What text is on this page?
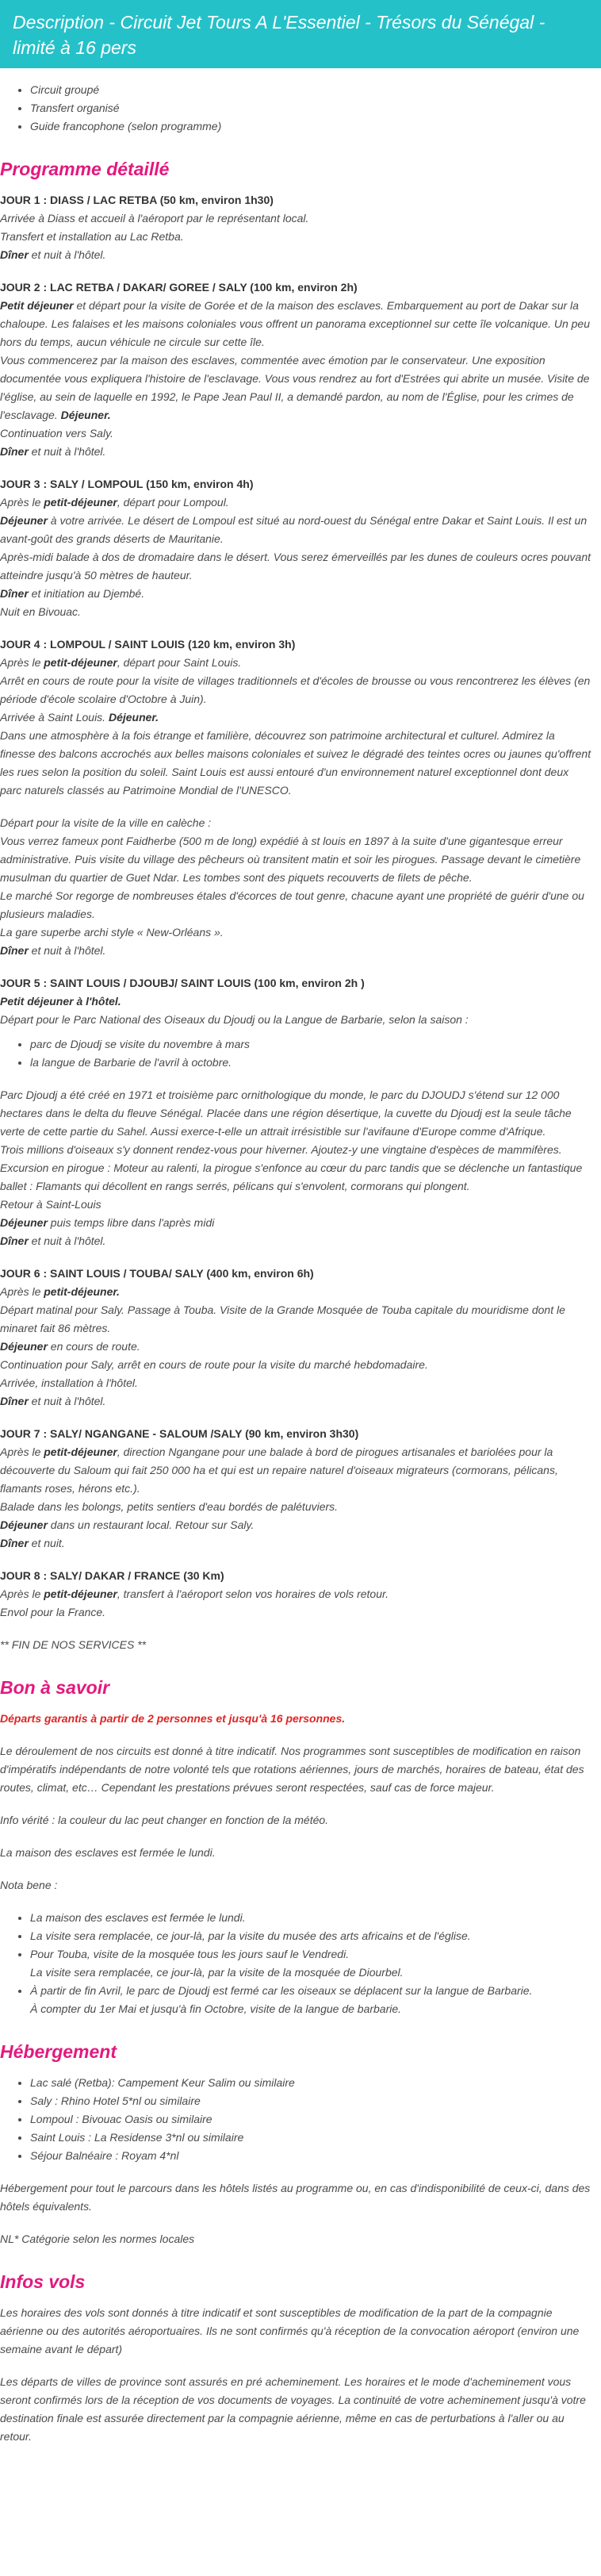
Description - Circuit Jet Tours A L'Essentiel - Trésors du Sénégal - limité à 16 pers
• Circuit groupé
• Transfert organisé
• Guide francophone (selon programme)
Programme détaillé

JOUR 1 : DIASS / LAC RETBA (50 km, environ 1h30)
Arrivée à Diass et accueil à l'aéroport par le représentant local.
Transfert et installation au Lac Retba.
Dîner et nuit à l'hôtel.

JOUR 2 : LAC RETBA / DAKAR/ GOREE / SALY (100 km, environ 2h)
Petit déjeuner et départ pour la visite de Gorée et de la maison des esclaves. Embarquement au port de Dakar sur la chaloupe. Les falaises et les maisons coloniales vous offrent un panorama exceptionnel sur cette île volcanique. Un peu hors du temps, aucun véhicule ne circule sur cette île.
Vous commencerez par la maison des esclaves, commentée avec émotion par le conservateur. Une exposition documentée vous expliquera l'histoire de l'esclavage. Vous vous rendrez au fort d'Estrées qui abrite un musée. Visite de l'église, au sein de laquelle en 1992, le Pape Jean Paul II, a demandé pardon, au nom de l'Église, pour les crimes de l'esclavage. Déjeuner.
Continuation vers Saly.
Dîner et nuit à l'hôtel.

JOUR 3 : SALY / LOMPOUL (150 km, environ 4h)
Après le petit-déjeuner, départ pour Lompoul.
Déjeuner à votre arrivée. Le désert de Lompoul est situé au nord-ouest du Sénégal entre Dakar et Saint Louis. Il est un avant-goût des grands déserts de Mauritanie.
Après-midi balade à dos de dromadaire dans le désert. Vous serez émerveillés par les dunes de couleurs ocres pouvant atteindre jusqu'à 50 mètres de hauteur.
Dîner et initiation au Djembé.
Nuit en Bivouac.

JOUR 4 : LOMPOUL / SAINT LOUIS (120 km, environ 3h)
Après le petit-déjeuner, départ pour Saint Louis.
Arrêt en cours de route pour la visite de villages traditionnels et d'écoles de brousse ou vous rencontrerez les élèves (en période d'école scolaire d'Octobre à Juin).
Arrivée à Saint Louis. Déjeuner.
Dans une atmosphère à la fois étrange et familière, découvrez son patrimoine architectural et culturel. Admirez la finesse des balcons accrochés aux belles maisons coloniales et suivez le dégradé des teintes ocres ou jaunes qu'offrent les rues selon la position du soleil. Saint Louis est aussi entouré d'un environnement naturel exceptionnel dont deux parc naturels classés au Patrimoine Mondial de l'UNESCO.

Départ pour la visite de la ville en calèche :
Vous verrez fameux pont Faidherbe (500 m de long) expédié à st louis en 1897 à la suite d'une gigantesque erreur administrative. Puis visite du village des pêcheurs où transitent matin et soir les pirogues. Passage devant le cimetière musulman du quartier de Guet Ndar. Les tombes sont des piquets recouverts de filets de pêche.
Le marché Sor regorge de nombreuses étales d'écorces de tout genre, chacune ayant une propriété de guérir d'une ou plusieurs maladies.
La gare superbe archi style « New-Orléans ».
Dîner et nuit à l'hôtel.

JOUR 5 : SAINT LOUIS / DJOUBJ/ SAINT LOUIS (100 km, environ 2h )
Petit déjeuner à l'hôtel.
Départ pour le Parc National des Oiseaux du Djoudj ou la Langue de Barbarie, selon la saison :

• parc de Djoudj se visite du novembre à mars
• la langue de Barbarie de l'avril à octobre.

Parc Djoudj a été créé en 1971 et troisième parc ornithologique du monde, le parc du DJOUDJ s'étend sur 12 000 hectares dans le delta du fleuve Sénégal. Placée dans une région désertique, la cuvette du Djoudj est la seule tâche verte de cette partie du Sahel. Aussi exerce-t-elle un attrait irrésistible sur l'avifaune d'Europe comme d'Afrique.
Trois millions d'oiseaux s'y donnent rendez-vous pour hiverner. Ajoutez-y une vingtaine d'espèces de mammifères.
Excursion en pirogue : Moteur au ralenti, la pirogue s'enfonce au cœur du parc tandis que se déclenche un fantastique ballet : Flamants qui décollent en rangs serrés, pélicans qui s'envolent, cormorans qui plongent.
Retour à Saint-Louis
Déjeuner puis temps libre dans l'après midi
Dîner et nuit à l'hôtel.

JOUR 6 : SAINT LOUIS / TOUBA/ SALY (400 km, environ 6h)
Après le petit-déjeuner.
Départ matinal pour Saly. Passage à Touba. Visite de la Grande Mosquée de Touba capitale du mouridisme dont le minaret fait 86 mètres.
Déjeuner en cours de route.
Continuation pour Saly, arrêt en cours de route pour la visite du marché hebdomadaire.
Arrivée, installation à l'hôtel.
Dîner et nuit à l'hôtel.

JOUR 7 : SALY/ NGANGANE - SALOUM /SALY (90 km, environ 3h30)
Après le petit-déjeuner, direction Ngangane pour une balade à bord de pirogues artisanales et bariolées pour la découverte du Saloum qui fait 250 000 ha et qui est un repaire naturel d'oiseaux migrateurs (cormorans, pélicans, flamants roses, hérons etc.).
Balade dans les bolongs, petits sentiers d'eau bordés de palétuviers.
Déjeuner dans un restaurant local. Retour sur Saly.
Dîner et nuit.

JOUR 8 : SALY/ DAKAR / FRANCE (30 Km)
Après le petit-déjeuner, transfert à l'aéroport selon vos horaires de vols retour.
Envol pour la France.

** FIN DE NOS SERVICES **

Bon à savoir

Départs garantis à partir de 2 personnes et jusqu'à 16 personnes.

Le déroulement de nos circuits est donné à titre indicatif. Nos programmes sont susceptibles de modification en raison d'impératifs indépendants de notre volonté tels que rotations aériennes, jours de marchés, horaires de bateau, état des routes, climat, etc… Cependant les prestations prévues seront respectées, sauf cas de force majeur.

Info vérité : la couleur du lac peut changer en fonction de la météo.

La maison des esclaves est fermée le lundi.

Nota bene :

• La maison des esclaves est fermée le lundi.
• La visite sera remplacée, ce jour-là, par la visite du musée des arts africains et de l'église.
• Pour Touba, visite de la mosquée tous les jours sauf le Vendredi.
La visite sera remplacée, ce jour-là, par la visite de la mosquée de Diourbel.
• À partir de fin Avril, le parc de Djoudj est fermé car les oiseaux se déplacent sur la langue de Barbarie.
À compter du 1er Mai et jusqu'à fin Octobre, visite de la langue de barbarie.
Hébergement
• Lac salé (Retba): Campement Keur Salim ou similaire
• Saly : Rhino Hotel 5*nl ou similaire
• Lompoul : Bivouac Oasis ou similaire
• Saint Louis : La Residense 3*nl ou similaire
• Séjour Balnéaire : Royam 4*nl

Hébergement pour tout le parcours dans les hôtels listés au programme ou, en cas d'indisponibilité de ceux-ci, dans des hôtels équivalents.

NL* Catégorie selon les normes locales

Infos vols

Les horaires des vols sont donnés à titre indicatif et sont susceptibles de modification de la part de la compagnie aérienne ou des autorités aéroportuaires. Ils ne sont confirmés qu'à réception de la convocation aéroport (environ une semaine avant le départ)

Les départs de villes de province sont assurés en pré acheminement. Les horaires et le mode d'acheminement vous seront confirmés lors de la réception de vos documents de voyages. La continuité de votre acheminement jusqu'à votre destination finale est assurée directement par la compagnie aérienne, même en cas de perturbations à l'aller ou au retour.
